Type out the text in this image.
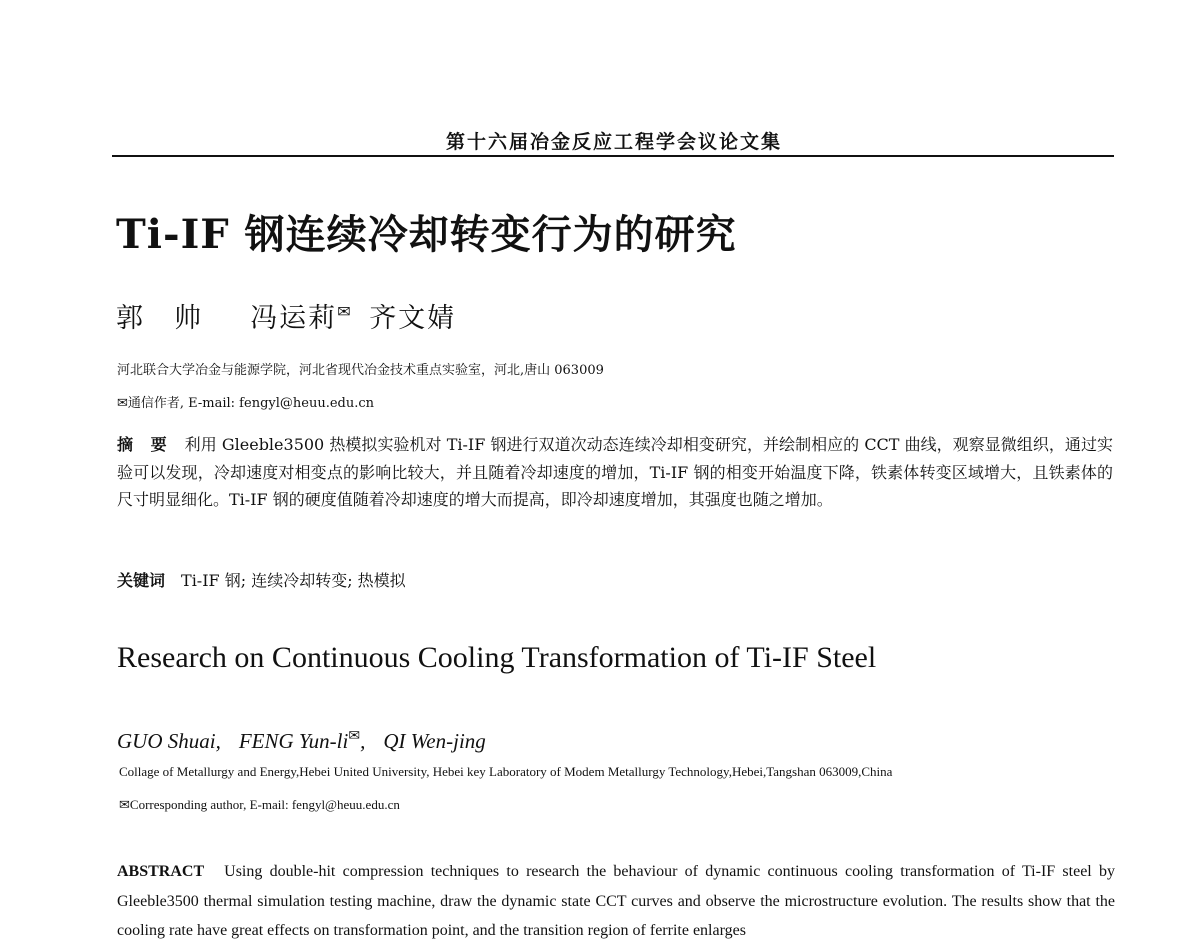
第十六届冶金反应工程学会议论文集
Ti-IF 钢连续冷却转变行为的研究
郭　帅 冯运莉✉ 齐文婧
河北联合大学冶金与能源学院，河北省现代冶金技术重点实验室，河北,唐山 063009
✉通信作者, E-mail: fengyl@heuu.edu.cn
摘 要 利用 Gleeble3500 热模拟实验机对 Ti-IF 钢进行双道次动态连续冷却相变研究，并绘制相应的 CCT 曲线，观察显微组织，通过实验可以发现，冷却速度对相变点的影响比较大，并且随着冷却速度的增加，Ti-IF 钢的相变开始温度下降，铁素体转变区域增大，且铁素体的尺寸明显细化。Ti-IF 钢的硬度值随着冷却速度的增大而提高，即冷却速度增加，其强度也随之增加。
关键词 Ti-IF 钢; 连续冷却转变; 热模拟
Research on Continuous Cooling Transformation of Ti-IF Steel
GUO Shuai, FENG Yun-li✉, QI Wen-jing
Collage of Metallurgy and Energy,Hebei United University, Hebei key Laboratory of Modem Metallurgy Technology,Hebei,Tangshan 063009,China
✉Corresponding author, E-mail: fengyl@heuu.edu.cn
ABSTRACT Using double-hit compression techniques to research the behaviour of dynamic continuous cooling transformation of Ti-IF steel by Gleeble3500 thermal simulation testing machine, draw the dynamic state CCT curves and observe the microstructure evolution. The results show that the cooling rate have great effects on transformation point, and the transition region of ferrite enlarges
